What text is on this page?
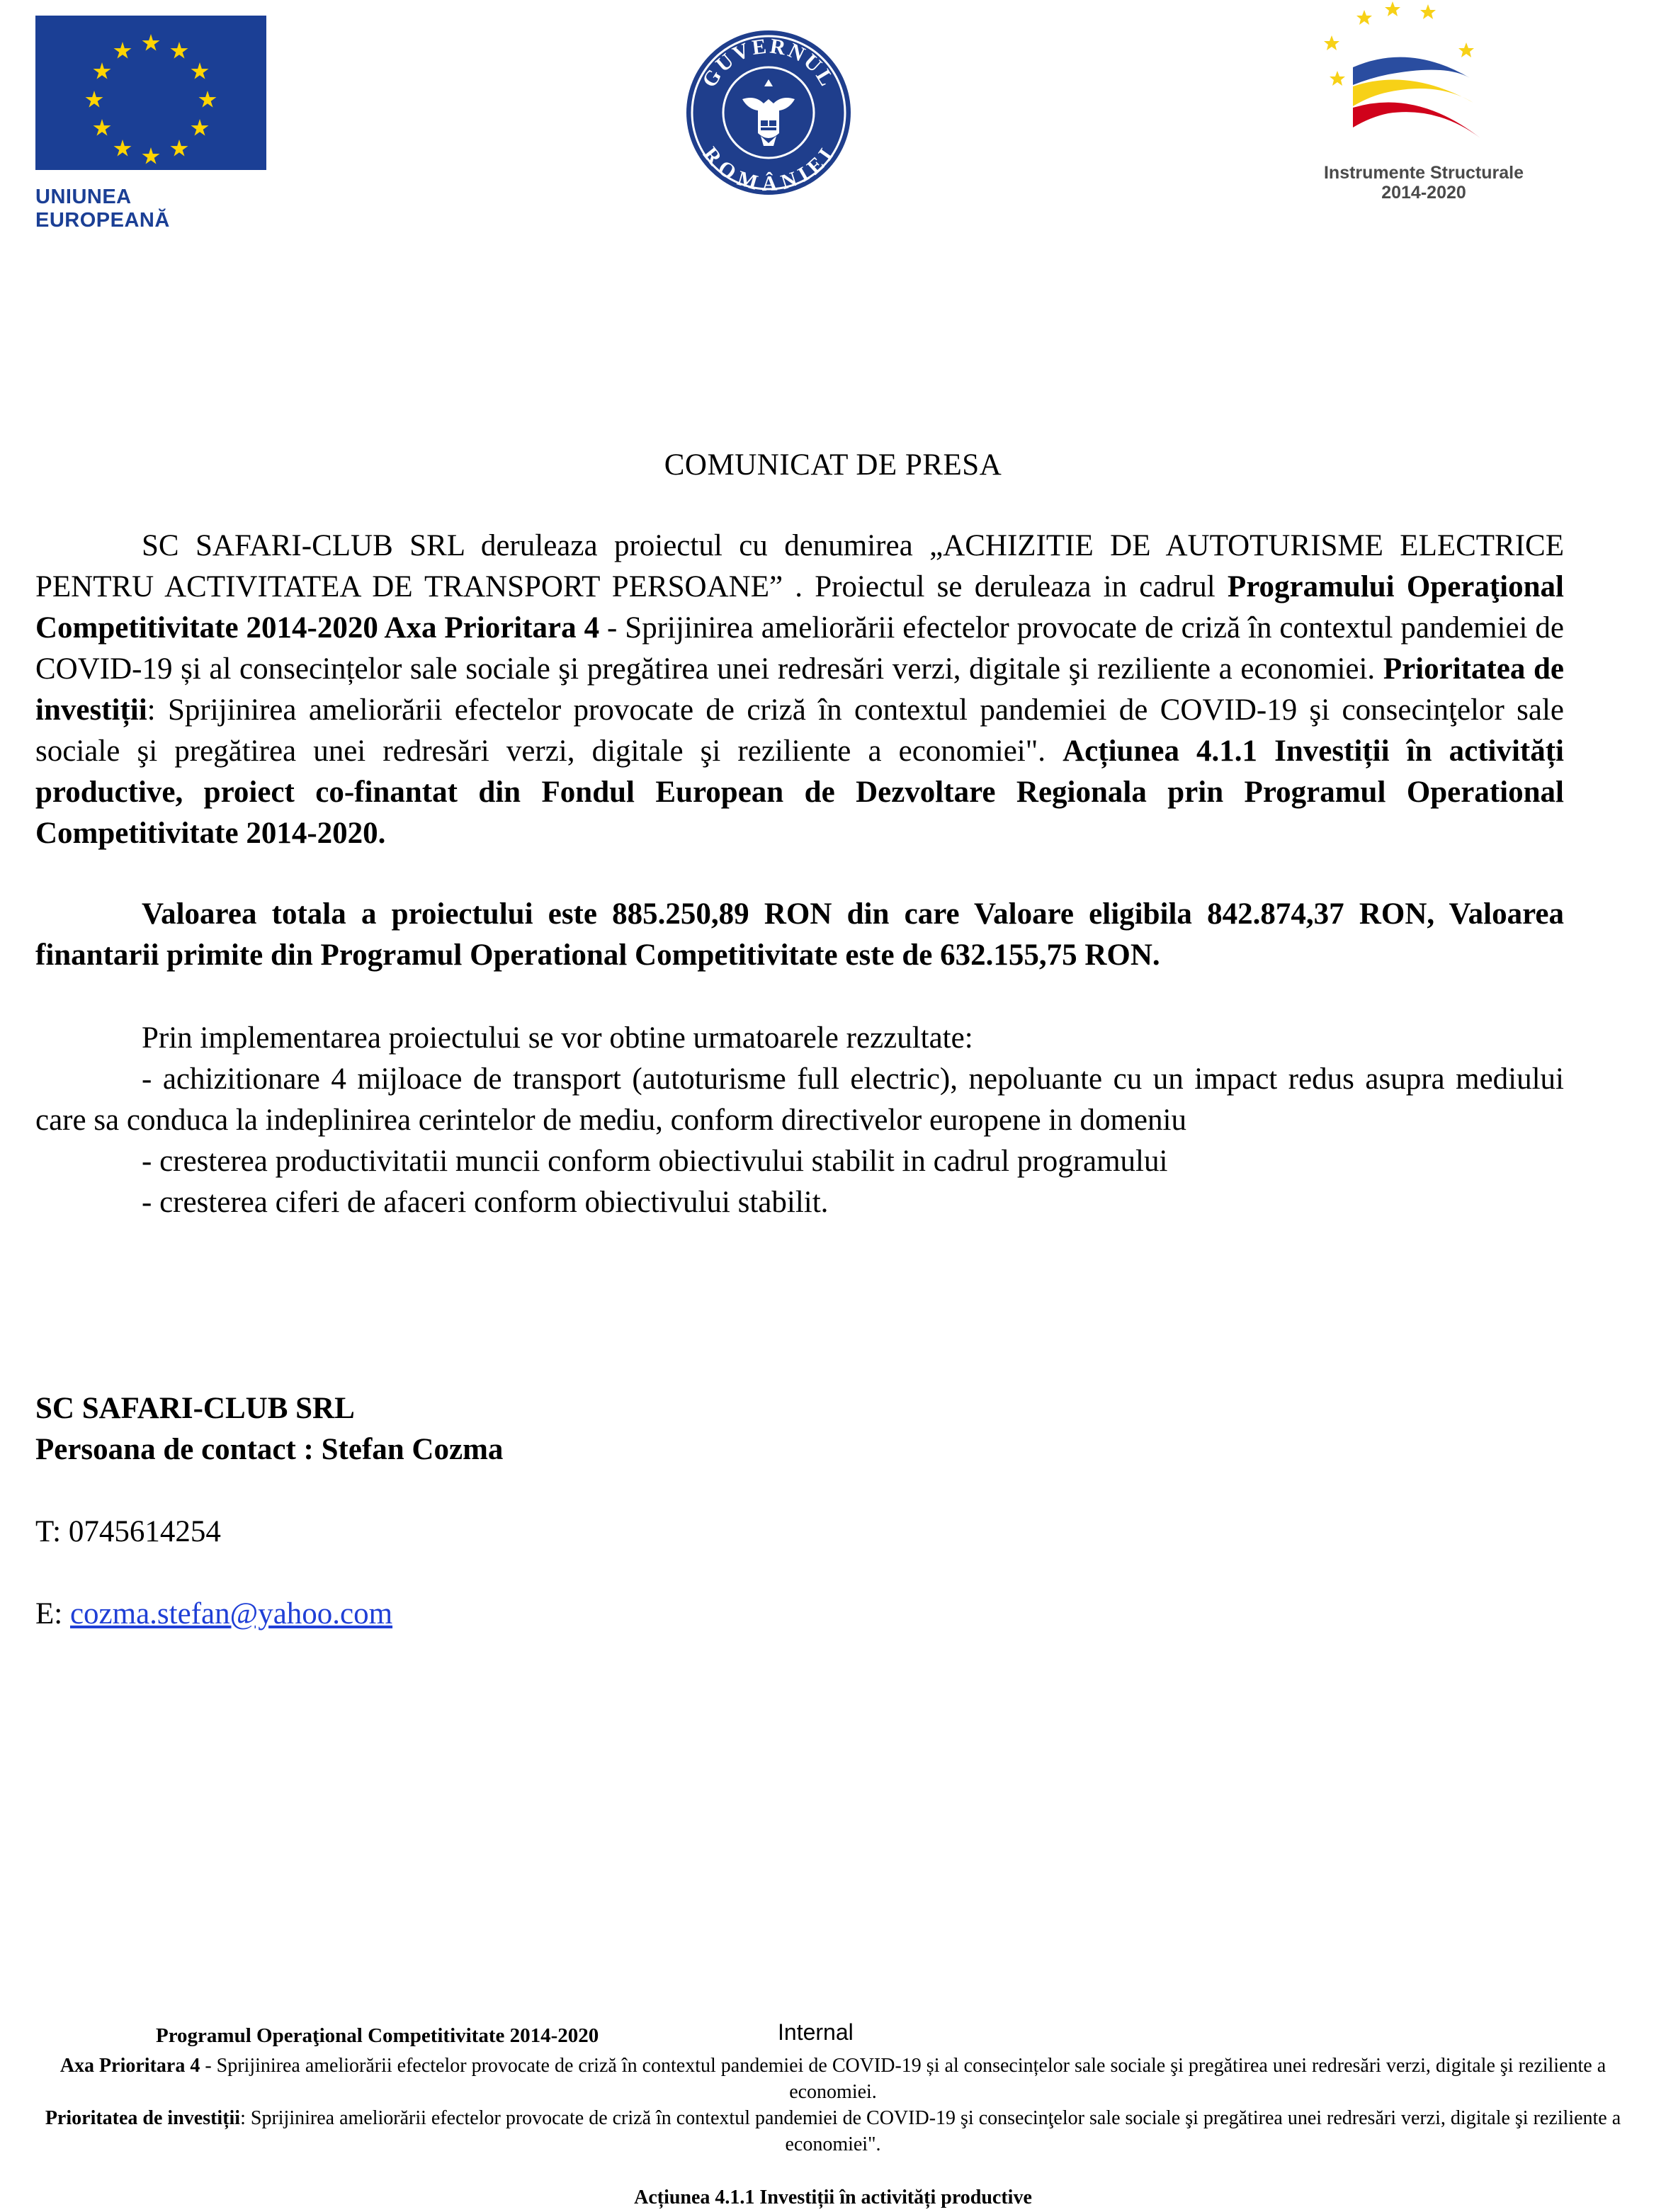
UNIUNEA EUROPEANĂ
GUVERNUL
ROMÂNIEI
Instrumente Structurale
2014-2020
COMUNICAT DE PRESA
SC SAFARI-CLUB SRL deruleaza proiectul cu denumirea „ACHIZITIE DE AUTOTURISME ELECTRICE PENTRU ACTIVITATEA DE TRANSPORT PERSOANE” . Proiectul se deruleaza in cadrul Programului Operaţional Competitivitate 2014-2020 Axa Prioritara 4 - Sprijinirea ameliorării efectelor provocate de criză în contextul pandemiei de COVID-19 și al consecințelor sale sociale şi pregătirea unei redresări verzi, digitale şi reziliente a economiei. Prioritatea de investiții: Sprijinirea ameliorării efectelor provocate de criză în contextul pandemiei de COVID-19 şi consecinţelor sale sociale şi pregătirea unei redresări verzi, digitale şi reziliente a economiei". Acțiunea 4.1.1 Investiții în activități productive, proiect co-finantat din Fondul European de Dezvoltare Regionala prin Programul Operational Competitivitate 2014-2020.
Valoarea totala a proiectului este 885.250,89 RON din care Valoare eligibila 842.874,37 RON, Valoarea finantarii primite din Programul Operational Competitivitate este de 632.155,75 RON.
Prin implementarea proiectului se vor obtine urmatoarele rezzultate:
- achizitionare 4 mijloace de transport (autoturisme full electric), nepoluante cu un impact redus asupra mediului care sa conduca la indeplinirea cerintelor de mediu, conform directivelor europene in domeniu
- cresterea productivitatii muncii conform obiectivului stabilit in cadrul programului
- cresterea ciferi de afaceri conform obiectivului stabilit.
SC SAFARI-CLUB SRL
Persoana de contact : Stefan Cozma
T: 0745614254
E: cozma.stefan@yahoo.com
Programul Operaţional Competitivitate 2014-2020	Internal
Axa Prioritara 4 - Sprijinirea ameliorării efectelor provocate de criză în contextul pandemiei de COVID-19 și al consecințelor sale sociale şi pregătirea unei redresări verzi, digitale şi reziliente a economiei.
Prioritatea de investiții: Sprijinirea ameliorării efectelor provocate de criză în contextul pandemiei de COVID-19 şi consecinţelor sale sociale şi pregătirea unei redresări verzi, digitale şi reziliente a economiei".
Acțiunea 4.1.1 Investiții în activități productive
